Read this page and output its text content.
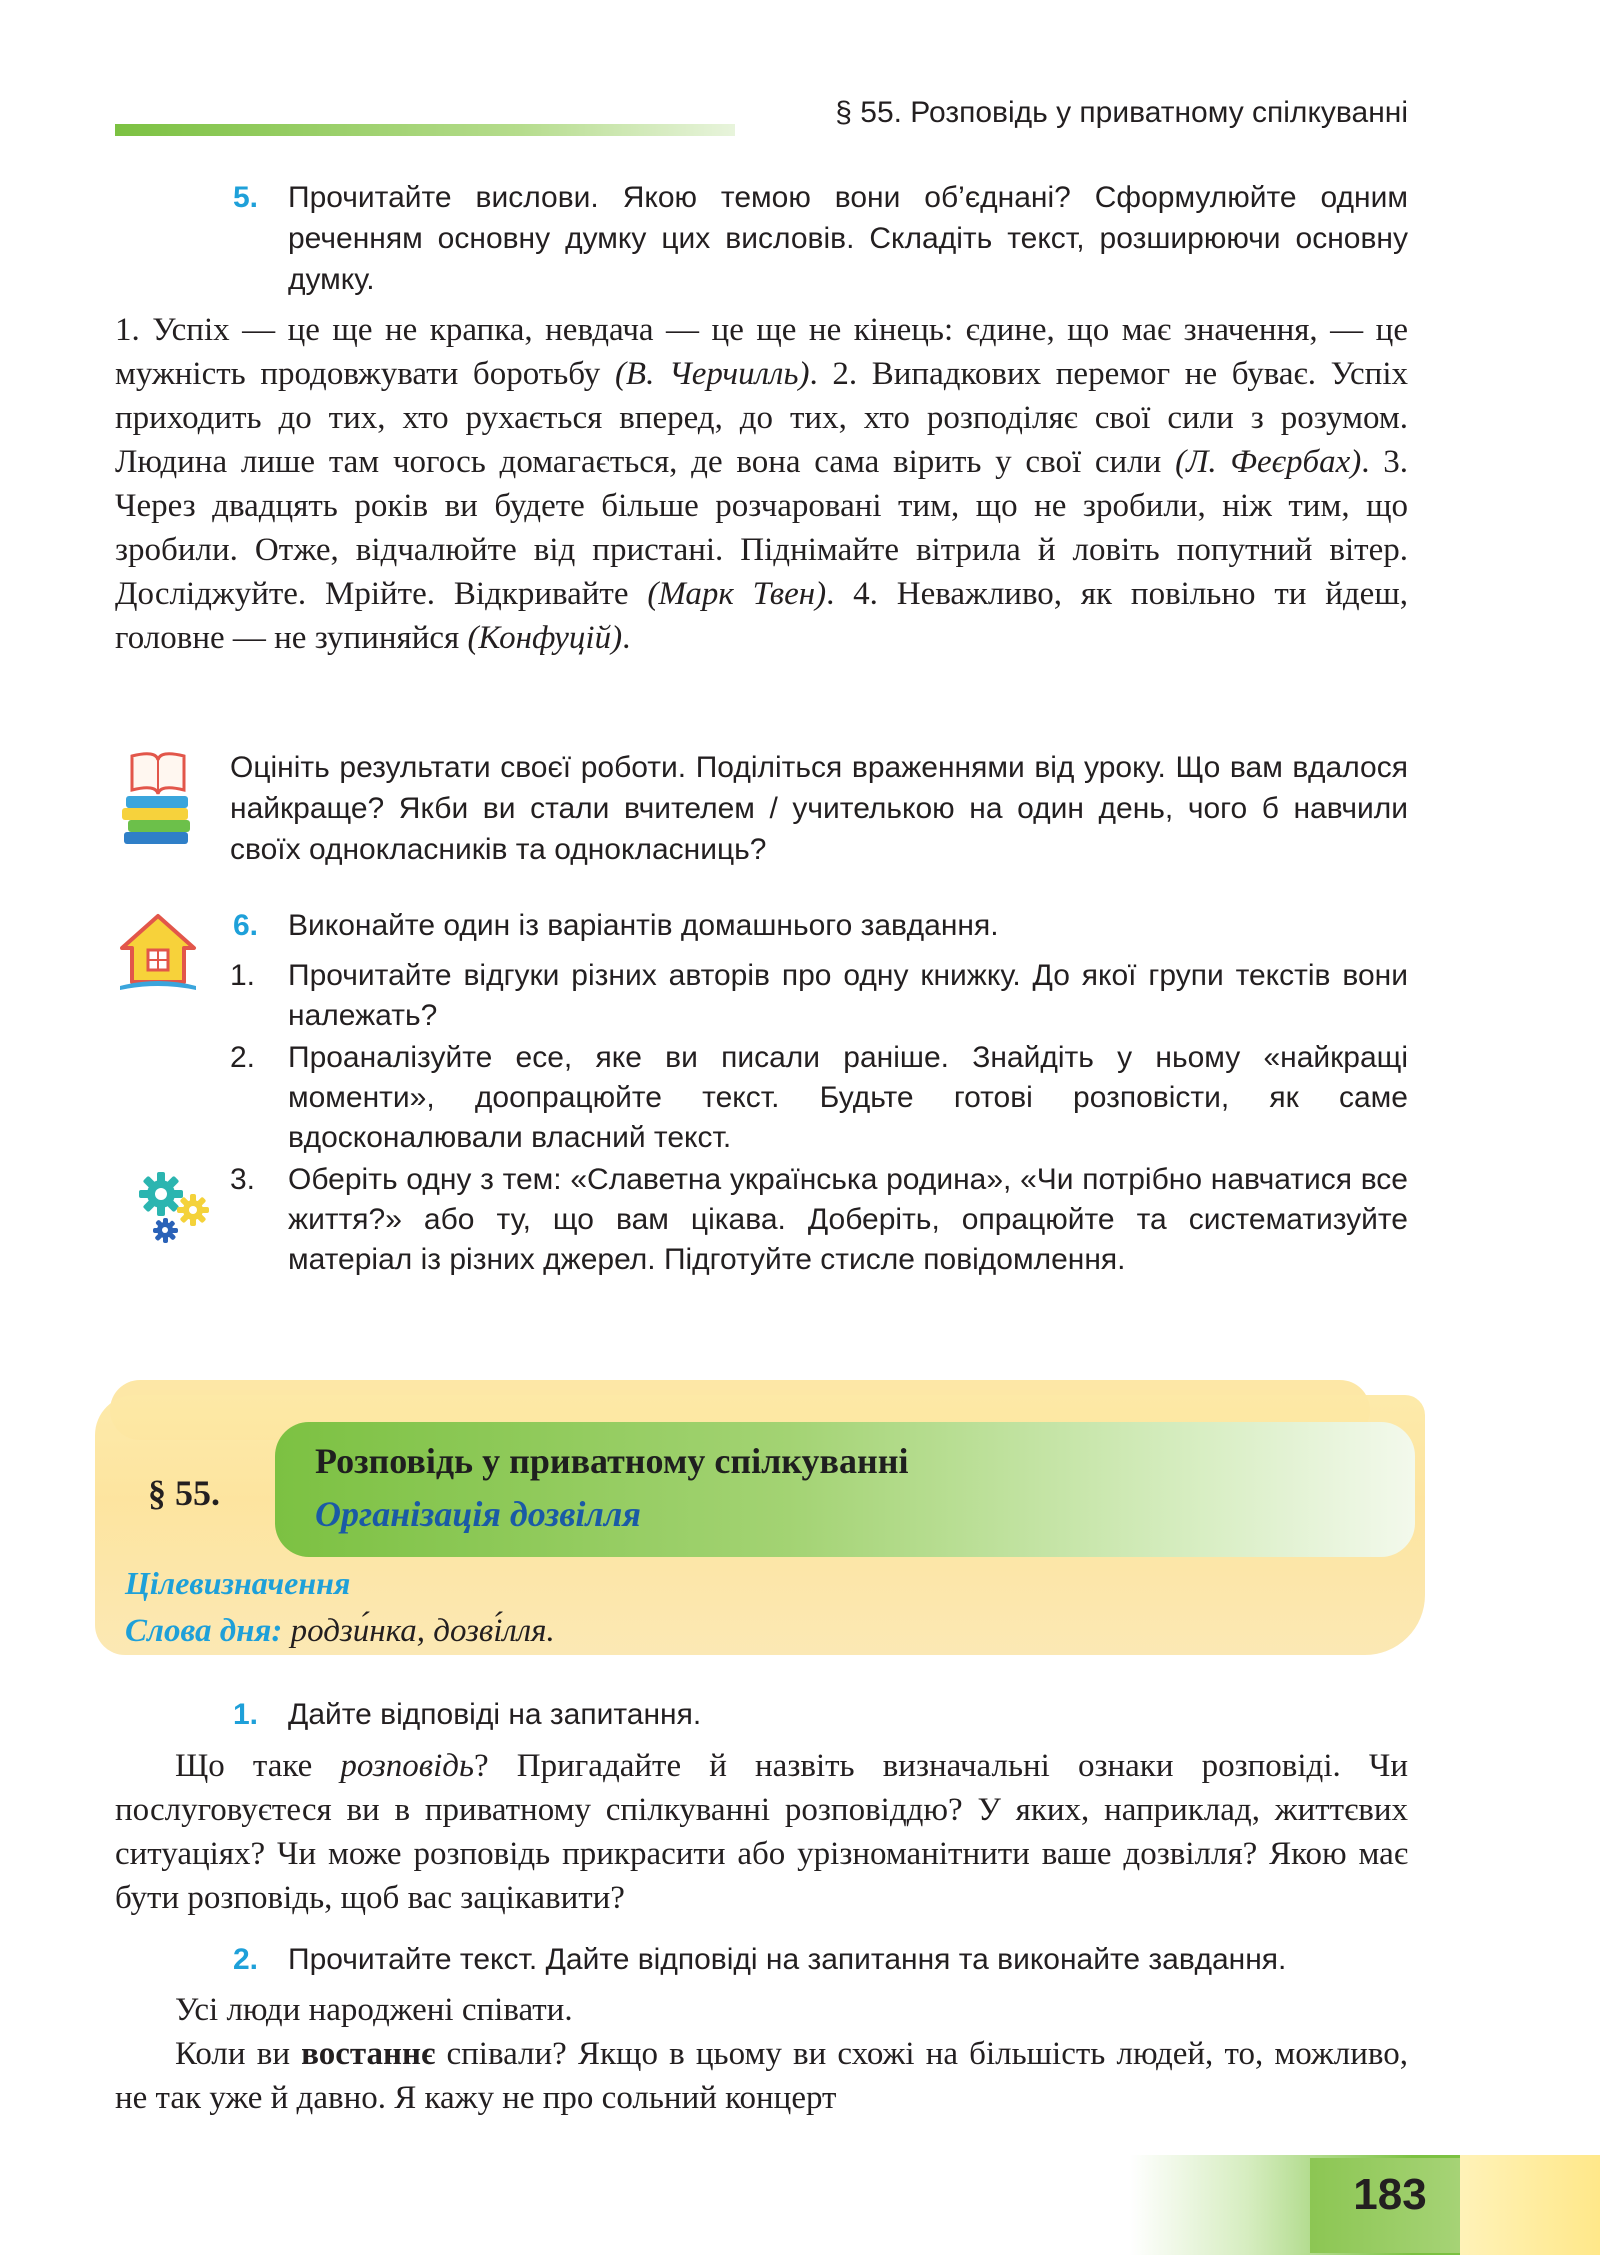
§ 55. Розповідь у приватному спілкуванні
5. Прочитайте вислови. Якою темою вони об’єднані? Сформулюйте одним реченням основну думку цих висловів. Складіть текст, розширюючи основну думку.
1. Успіх — це ще не крапка, невдача — це ще не кінець: єдине, що має значення, — це мужність продовжувати боротьбу (В. Черчилль). 2. Випадкових перемог не буває. Успіх приходить до тих, хто рухається вперед, до тих, хто розподіляє свої сили з розумом. Людина лише там чогось домагається, де вона сама вірить у свої сили (Л. Феєрбах). 3. Через двадцять років ви будете більше розчаровані тим, що не зробили, ніж тим, що зробили. Отже, відчалюйте від пристані. Піднімайте вітрила й ловіть попутний вітер. Досліджуйте. Мрійте. Відкривайте (Марк Твен). 4. Неважливо, як повільно ти йдеш, головне — не зупиняйся (Конфуцій).
Оцініть результати своєї роботи. Поділіться враженнями від уроку. Що вам вдалося найкраще? Якби ви стали вчителем / учителькою на один день, чого б навчили своїх однокласників та однокласниць?
6. Виконайте один із варіантів домашнього завдання.
1. Прочитайте відгуки різних авторів про одну книжку. До якої групи текстів вони належать?
2. Проаналізуйте есе, яке ви писали раніше. Знайдіть у ньому «найкращі моменти», доопрацюйте текст. Будьте готові розповісти, як саме вдосконалювали власний текст.
3. Оберіть одну з тем: «Славетна українська родина», «Чи потрібно навчатися все життя?» або ту, що вам цікава. Доберіть, опрацюйте та систематизуйте матеріал із різних джерел. Підготуйте стисле повідомлення.
§ 55.
Розповідь у приватному спілкуванні
Організація дозвілля
Цілевизначення
Слова дня: родзи́нка, дозві́лля.
1. Дайте відповіді на запитання.
Що таке розповідь? Пригадайте й назвіть визначальні ознаки розповіді. Чи послуговуєтеся ви в приватному спілкуванні розповіддю? У яких, наприклад, життєвих ситуаціях? Чи може розповідь прикрасити або урізноманітнити ваше дозвілля? Якою має бути розповідь, щоб вас зацікавити?
2. Прочитайте текст. Дайте відповіді на запитання та виконайте завдання.
Усі люди народжені співати.
Коли ви востаннє співали? Якщо в цьому ви схожі на більшість людей, то, можливо, не так уже й давно. Я кажу не про сольний концерт
183
